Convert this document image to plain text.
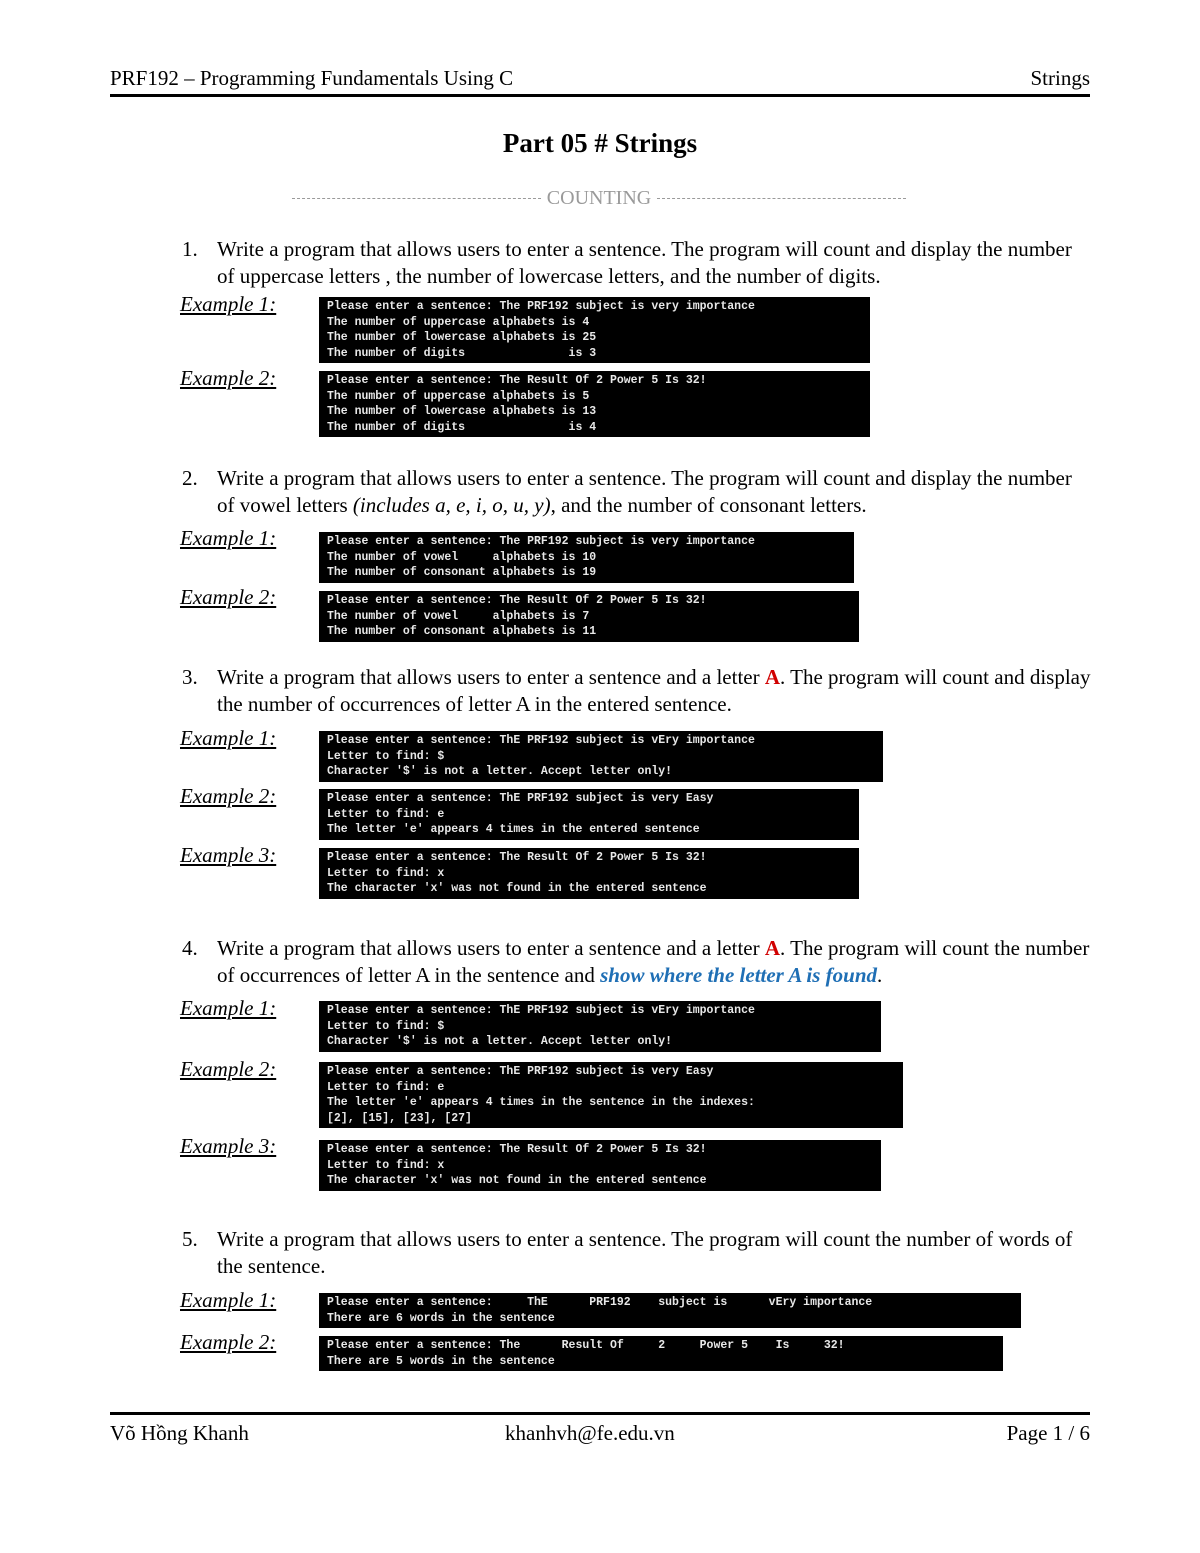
PRF192 – Programming Fundamentals Using C	Strings
Part 05 # Strings
COUNTING
1. Write a program that allows users to enter a sentence. The program will count and display the number of uppercase letters , the number of lowercase letters, and the number of digits.
Example 1:	Please enter a sentence: The PRF192 subject is very importance
The number of uppercase alphabets is 4
The number of lowercase alphabets is 25
The number of digits               is 3
Example 2:	Please enter a sentence: The Result Of 2 Power 5 Is 32!
The number of uppercase alphabets is 5
The number of lowercase alphabets is 13
The number of digits               is 4
2. Write a program that allows users to enter a sentence. The program will count and display the number of vowel letters (includes a, e, i, o, u, y), and the number of consonant letters.
Example 1:	Please enter a sentence: The PRF192 subject is very importance
The number of vowel     alphabets is 10
The number of consonant alphabets is 19
Example 2:	Please enter a sentence: The Result Of 2 Power 5 Is 32!
The number of vowel     alphabets is 7
The number of consonant alphabets is 11
3. Write a program that allows users to enter a sentence and a letter A. The program will count and display the number of occurrences of letter A in the entered sentence.
Example 1:	Please enter a sentence: ThE PRF192 subject is vEry importance
Letter to find: $
Character '$' is not a letter. Accept letter only!
Example 2:	Please enter a sentence: ThE PRF192 subject is very Easy
Letter to find: e
The letter 'e' appears 4 times in the entered sentence
Example 3:	Please enter a sentence: The Result Of 2 Power 5 Is 32!
Letter to find: x
The character 'x' was not found in the entered sentence
4. Write a program that allows users to enter a sentence and a letter A. The program will count the number of occurrences of letter A in the sentence and show where the letter A is found.
Example 1:	Please enter a sentence: ThE PRF192 subject is vEry importance
Letter to find: $
Character '$' is not a letter. Accept letter only!
Example 2:	Please enter a sentence: ThE PRF192 subject is very Easy
Letter to find: e
The letter 'e' appears 4 times in the sentence in the indexes:
[2], [15], [23], [27]
Example 3:	Please enter a sentence: The Result Of 2 Power 5 Is 32!
Letter to find: x
The character 'x' was not found in the entered sentence
5. Write a program that allows users to enter a sentence. The program will count the number of words of the sentence.
Example 1:	Please enter a sentence:     ThE      PRF192    subject is      vEry importance
There are 6 words in the sentence
Example 2:	Please enter a sentence: The      Result Of     2     Power 5    Is     32!
There are 5 words in the sentence
Võ Hồng Khanh	khanhvh@fe.edu.vn	Page 1 / 6
